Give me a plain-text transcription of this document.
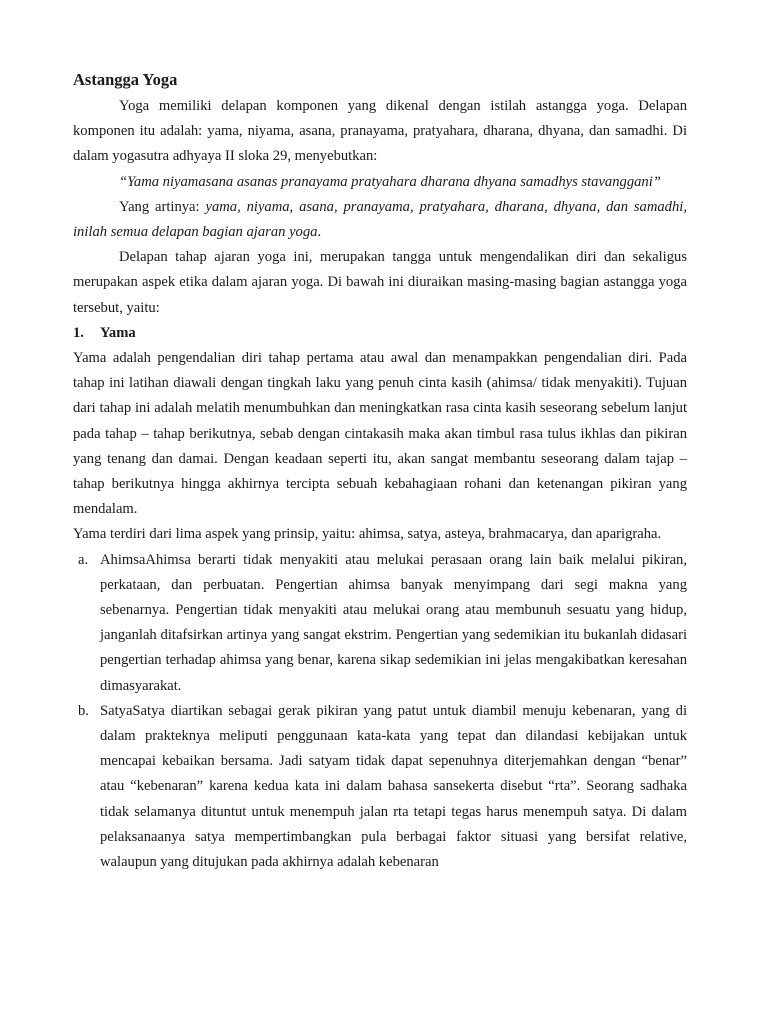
Astangga Yoga

Yoga memiliki delapan komponen yang dikenal dengan istilah astangga yoga. Delapan komponen itu adalah: yama, niyama, asana, pranayama, pratyahara, dharana, dhyana, dan samadhi. Di dalam yogasutra adhyaya II sloka 29, menyebutkan:

“Yama niyamasana asanas pranayama pratyahara dharana dhyana samadhys stavanggani”

Yang artinya: yama, niyama, asana, pranayama, pratyahara, dharana, dhyana, dan samadhi, inilah semua delapan bagian ajaran yoga.

Delapan tahap ajaran yoga ini, merupakan tangga untuk mengendalikan diri dan sekaligus merupakan aspek etika dalam ajaran yoga. Di bawah ini diuraikan masing-masing bagian astangga yoga tersebut, yaitu:

1. Yama

Yama adalah pengendalian diri tahap pertama atau awal dan menampakkan pengendalian diri. Pada tahap ini latihan diawali dengan tingkah laku yang penuh cinta kasih (ahimsa/ tidak menyakiti). Tujuan dari tahap ini adalah melatih menumbuhkan dan meningkatkan rasa cinta kasih seseorang sebelum lanjut pada tahap – tahap berikutnya, sebab dengan cintakasih maka akan timbul rasa tulus ikhlas dan pikiran yang tenang dan damai. Dengan keadaan seperti itu, akan sangat membantu seseorang dalam tajap – tahap berikutnya hingga akhirnya tercipta sebuah kebahagiaan rohani dan ketenangan pikiran yang mendalam.

Yama terdiri dari lima aspek yang prinsip, yaitu: ahimsa, satya, asteya, brahmacarya, dan aparigraha.

a. AhimsaAhimsa berarti tidak menyakiti atau melukai perasaan orang lain baik melalui pikiran, perkataan, dan perbuatan. Pengertian ahimsa banyak menyimpang dari segi makna yang sebenarnya. Pengertian tidak menyakiti atau melukai orang atau membunuh sesuatu yang hidup, janganlah ditafsirkan artinya yang sangat ekstrim. Pengertian yang sedemikian itu bukanlah didasari pengertian terhadap ahimsa yang benar, karena sikap sedemikian ini jelas mengakibatkan keresahan dimasyarakat.
b. SatyaSatya diartikan sebagai gerak pikiran yang patut untuk diambil menuju kebenaran, yang di dalam prakteknya meliputi penggunaan kata-kata yang tepat dan dilandasi kebijakan untuk mencapai kebaikan bersama. Jadi satyam tidak dapat sepenuhnya diterjemahkan dengan “benar” atau “kebenaran” karena kedua kata ini dalam bahasa sansekerta disebut “rta”. Seorang sadhaka tidak selamanya dituntut untuk menempuh jalan rta tetapi tegas harus menempuh satya. Di dalam pelaksanaanya satya mempertimbangkan pula berbagai faktor situasi yang bersifat relative, walaupun yang ditujukan pada akhirnya adalah kebenaran
